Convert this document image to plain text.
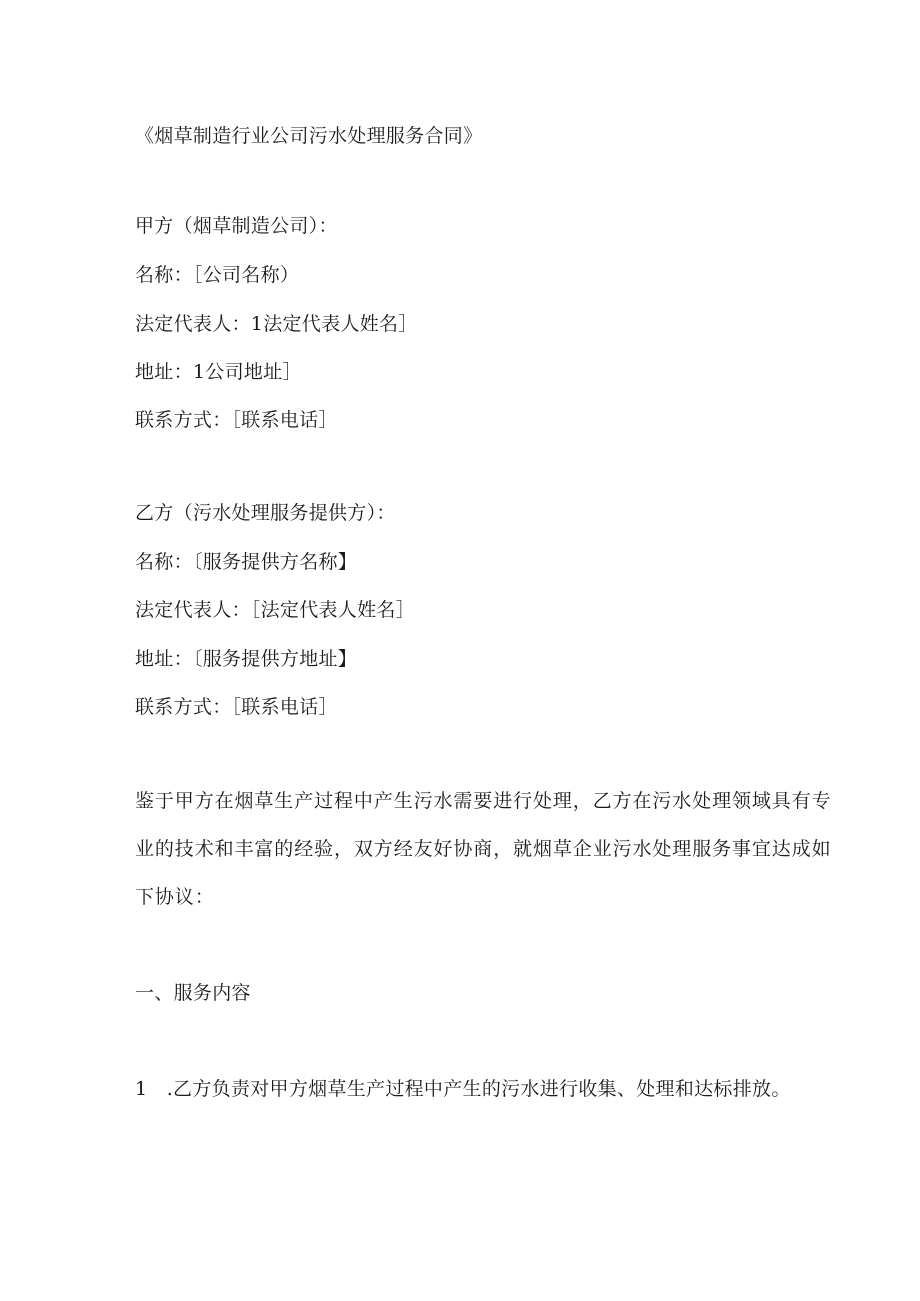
《烟草制造行业公司污水处理服务合同》
甲方（烟草制造公司）：
名称：［公司名称）
法定代表人：1法定代表人姓名］
地址：1公司地址］
联系方式：［联系电话］
乙方（污水处理服务提供方）：
名称：〔服务提供方名称】
法定代表人：［法定代表人姓名］
地址：〔服务提供方地址】
联系方式：［联系电话］
鉴于甲方在烟草生产过程中产生污水需要进行处理，乙方在污水处理领域具有专
业的技术和丰富的经验，双方经友好协商，就烟草企业污水处理服务事宜达成如
下协议：
一、服务内容
1　.乙方负责对甲方烟草生产过程中产生的污水进行收集、处理和达标排放。
